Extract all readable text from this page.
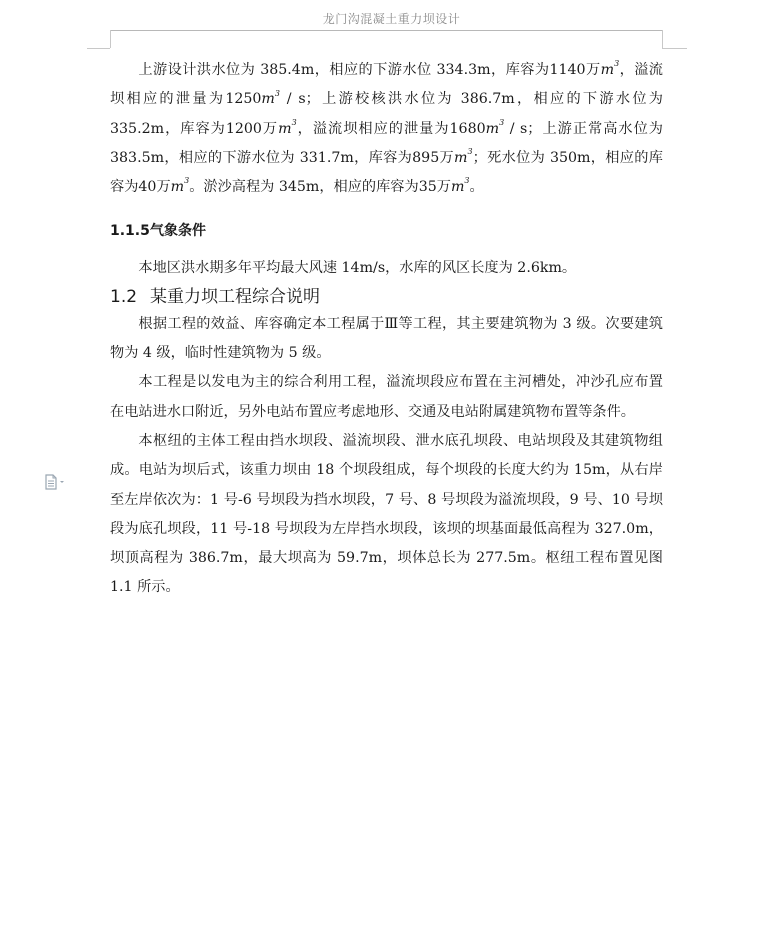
龙门沟混凝土重力坝设计

上游设计洪水位为 385.4m，相应的下游水位 334.3m，库容为1140万$m^3$，溢流坝相应的泄量为$1250m^3$ / s；上游校核洪水位为 386.7m，相应的下游水位为 335.2m，库容为1200万$m^3$，溢流坝相应的泄量为$1680m^3$ / s；上游正常高水位为 383.5m，相应的下游水位为 331.7m，库容为895万$m^3$；死水位为 350m，相应的库容为40万$m^3$。淤沙高程为 345m，相应的库容为35万$m^3$。

1.1.5气象条件

本地区洪水期多年平均最大风速 14m/s，水库的风区长度为 2.6km。

1.2 某重力坝工程综合说明

根据工程的效益、库容确定本工程属于Ⅲ等工程，其主要建筑物为 3 级。次要建筑物为 4 级，临时性建筑物为 5 级。

本工程是以发电为主的综合利用工程，溢流坝段应布置在主河槽处，冲沙孔应布置在电站进水口附近，另外电站布置应考虑地形、交通及电站附属建筑物布置等条件。

本枢纽的主体工程由挡水坝段、溢流坝段、泄水底孔坝段、电站坝段及其建筑物组成。电站为坝后式，该重力坝由 18 个坝段组成，每个坝段的长度大约为 15m，从右岸至左岸依次为：1 号-6 号坝段为挡水坝段，7 号、8 号坝段为溢流坝段，9 号、10 号坝段为底孔坝段，11 号-18 号坝段为左岸挡水坝段，该坝的坝基面最低高程为 327.0m，坝顶高程为 386.7m，最大坝高为 59.7m，坝体总长为 277.5m。枢纽工程布置见图 1.1 所示。
